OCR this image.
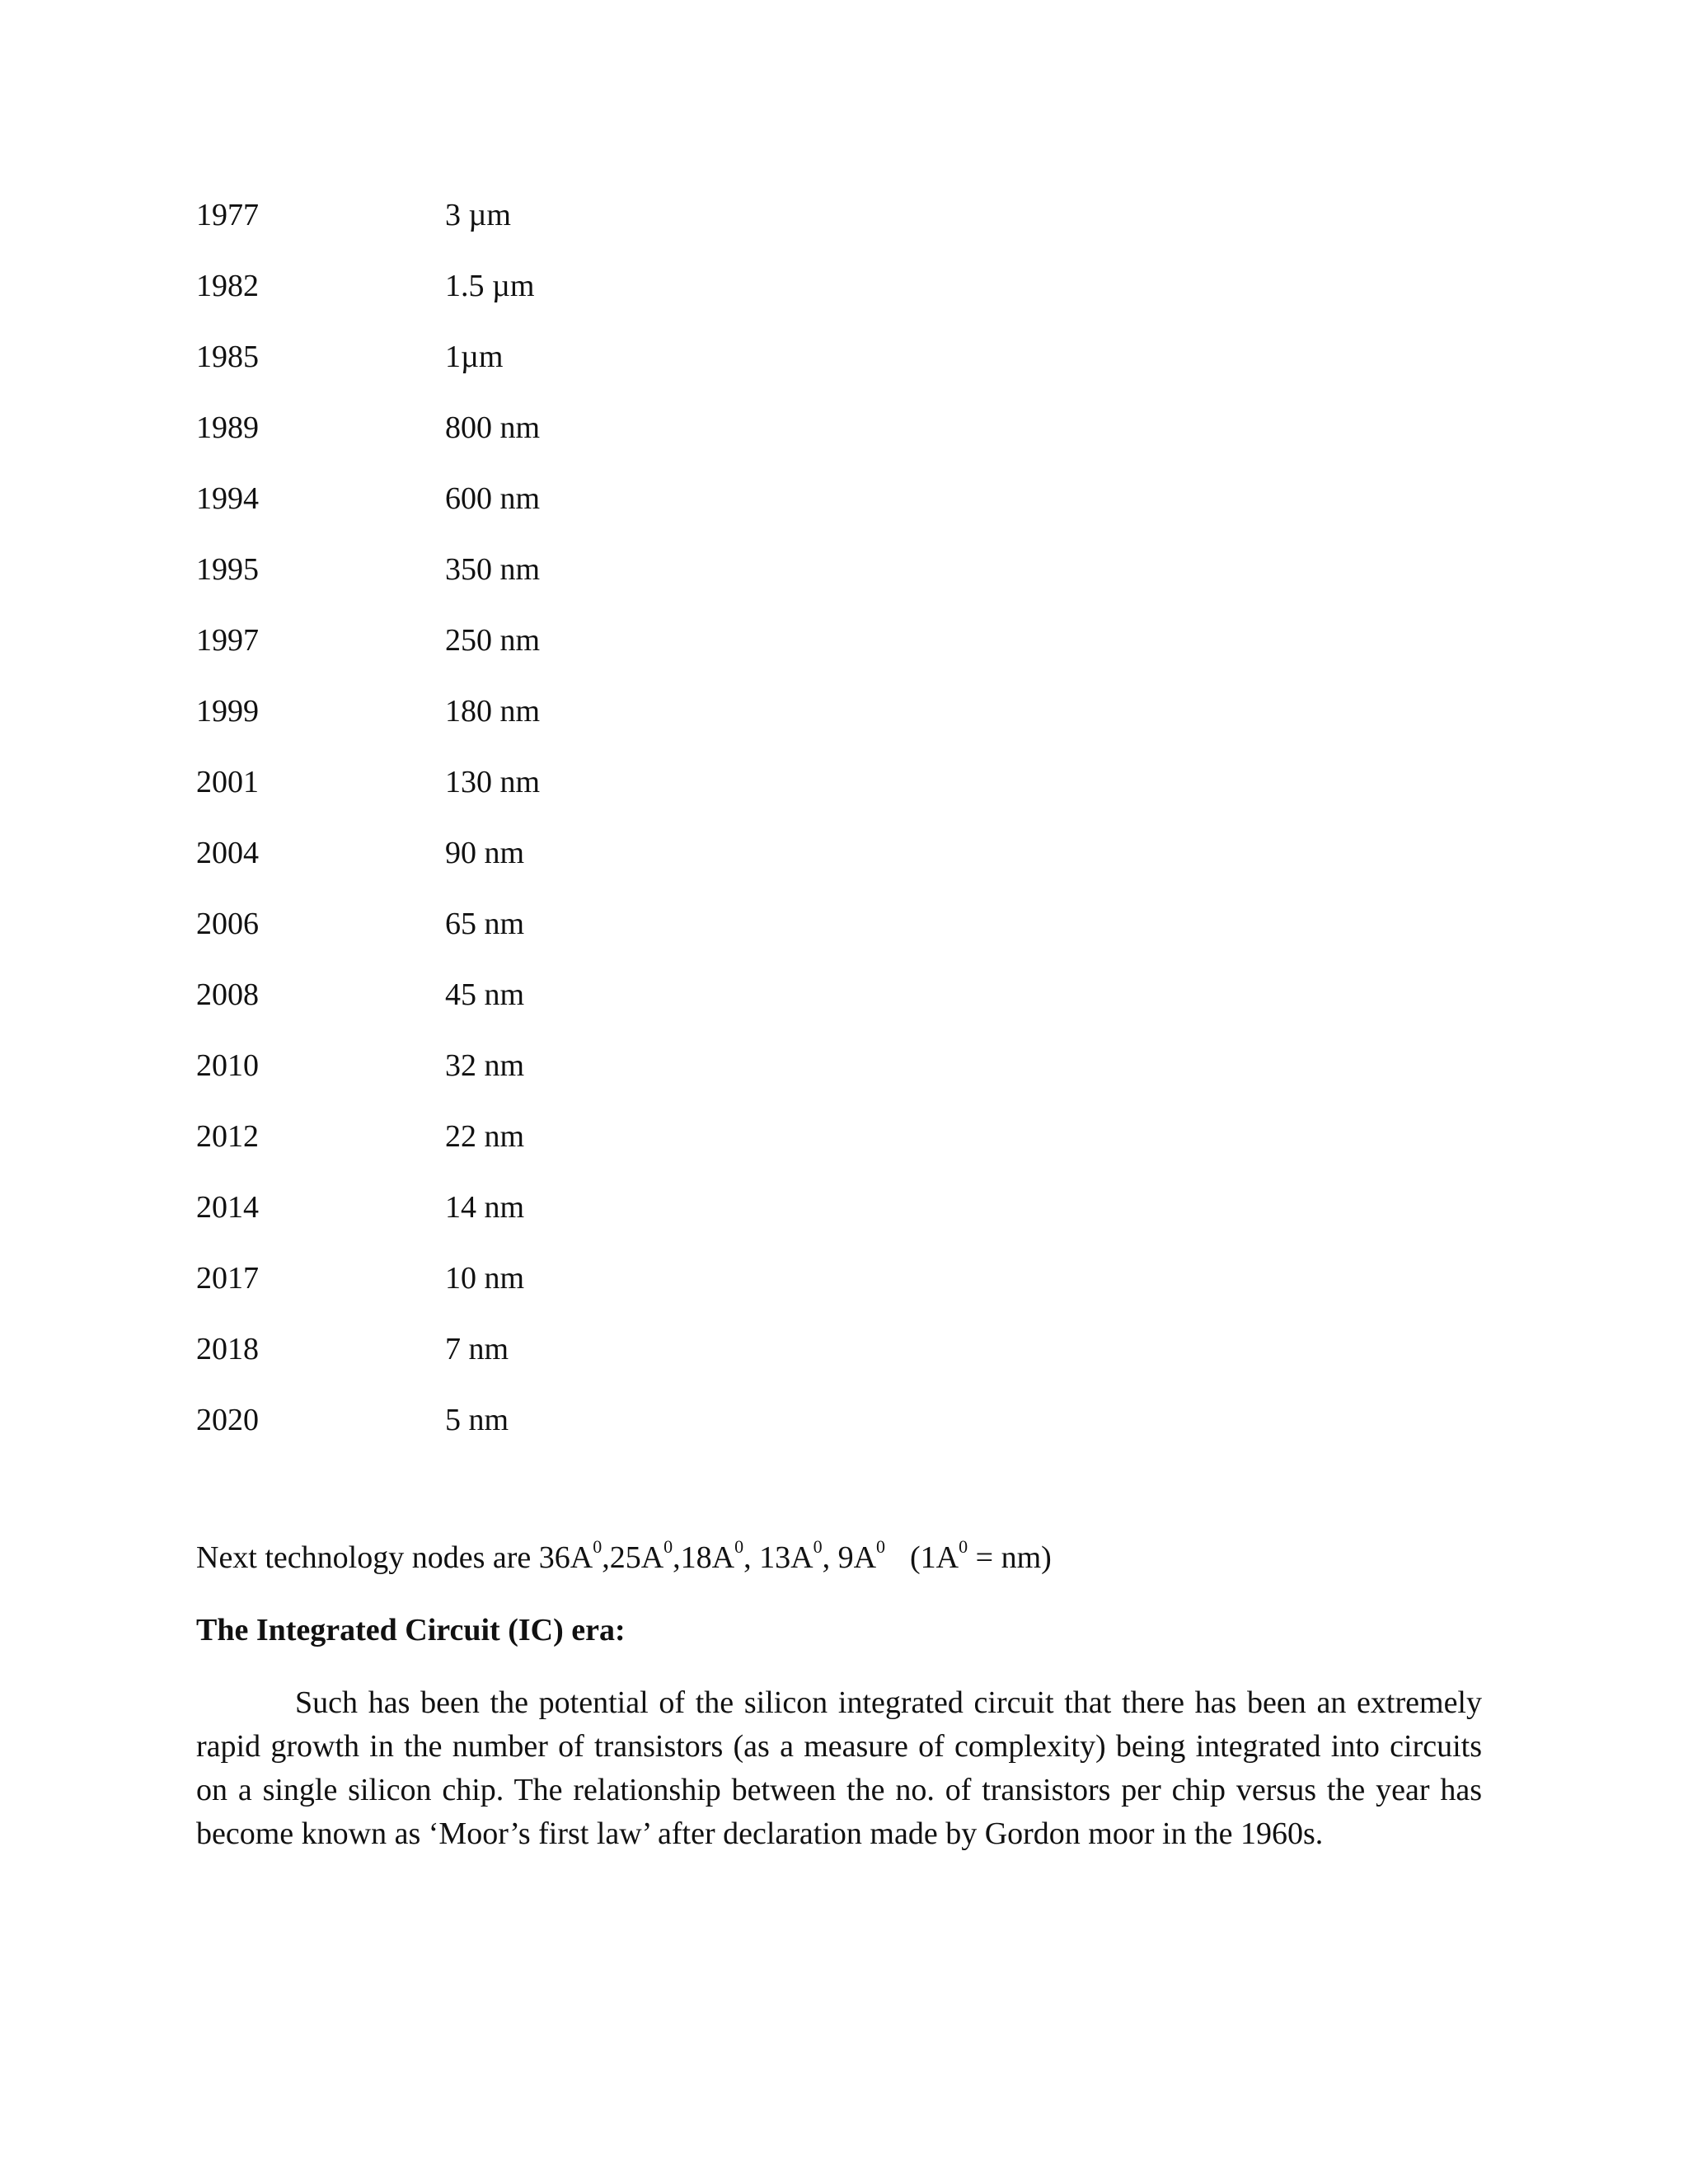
1977	3 µm
1982	1.5 µm
1985	1µm
1989	800 nm
1994	600 nm
1995	350 nm
1997	250 nm
1999	180 nm
2001	130 nm
2004	90 nm
2006	65 nm
2008	45 nm
2010	32 nm
2012	22 nm
2014	14 nm
2017	10 nm
2018	7 nm
2020	5 nm
Next technology nodes are $36A^0,25A^0,18A^0$, $13A^0$, $9A^0$ $(1A^0 = nm)$
The Integrated Circuit (IC) era:

Such has been the potential of the silicon integrated circuit that there has been an extremely rapid growth in the number of transistors (as a measure of complexity) being integrated into circuits on a single silicon chip. The relationship between the no. of transistors per chip versus the year has become known as ‘Moor’s first law’ after declaration made by Gordon moor in the 1960s.
